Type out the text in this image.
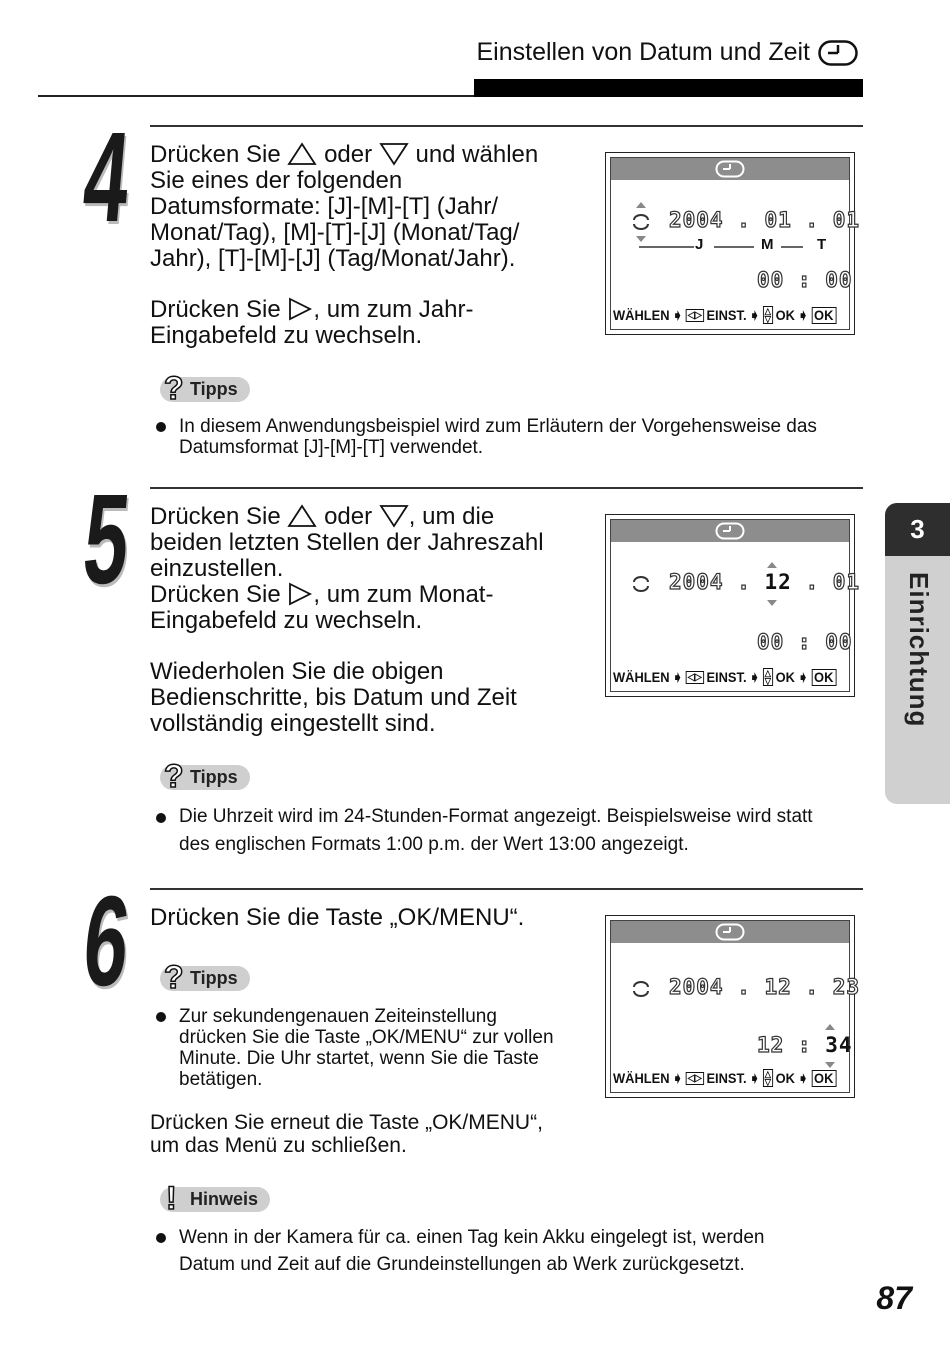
Einstellen von Datum und Zeit
3
Einrichtung
4 Drücken Sie oder und wählen
Sie eines der folgenden
Datumsformate: [J]-[M]-[T] (Jahr/
Monat/Tag), [M]-[T]-[J] (Monat/Tag/
Jahr), [T]-[M]-[J] (Tag/Monat/Jahr).
Drücken Sie , um zum Jahr-
Eingabefeld zu wechseln.
2004 . 01 . 01
J	M	T
00 : 00
WÄHLEN ➧ ◁▷ EINST. ➧ △
▽ OK ➧ OK
? Tipps
In diesem Anwendungsbeispiel wird zum Erläutern der Vorgehensweise das
Datumsformat [J]-[M]-[T] verwendet.
5 Drücken Sie oder , um die
beiden letzten Stellen der Jahreszahl
einzustellen.
Drücken Sie , um zum Monat-
Eingabefeld zu wechseln.
Wiederholen Sie die obigen
Bedienschritte, bis Datum und Zeit
vollständig eingestellt sind.
2004 . 12 . 01
00 : 00
WÄHLEN ➧ ◁▷ EINST. ➧ △
▽ OK ➧ OK
? Tipps
Die Uhrzeit wird im 24-Stunden-Format angezeigt. Beispielsweise wird statt
des englischen Formats 1:00 p.m. der Wert 13:00 angezeigt.
6 Drücken Sie die Taste „OK/MENU“.
? Tipps
Zur sekundengenauen Zeiteinstellung
drücken Sie die Taste „OK/MENU“ zur vollen
Minute. Die Uhr startet, wenn Sie die Taste
betätigen.
Drücken Sie erneut die Taste „OK/MENU“,
um das Menü zu schließen.
2004 . 12 . 23
12 : 34
WÄHLEN ➧ ◁▷ EINST. ➧ △
▽ OK ➧ OK
! Hinweis
Wenn in der Kamera für ca. einen Tag kein Akku eingelegt ist, werden
Datum und Zeit auf die Grundeinstellungen ab Werk zurückgesetzt.
87
